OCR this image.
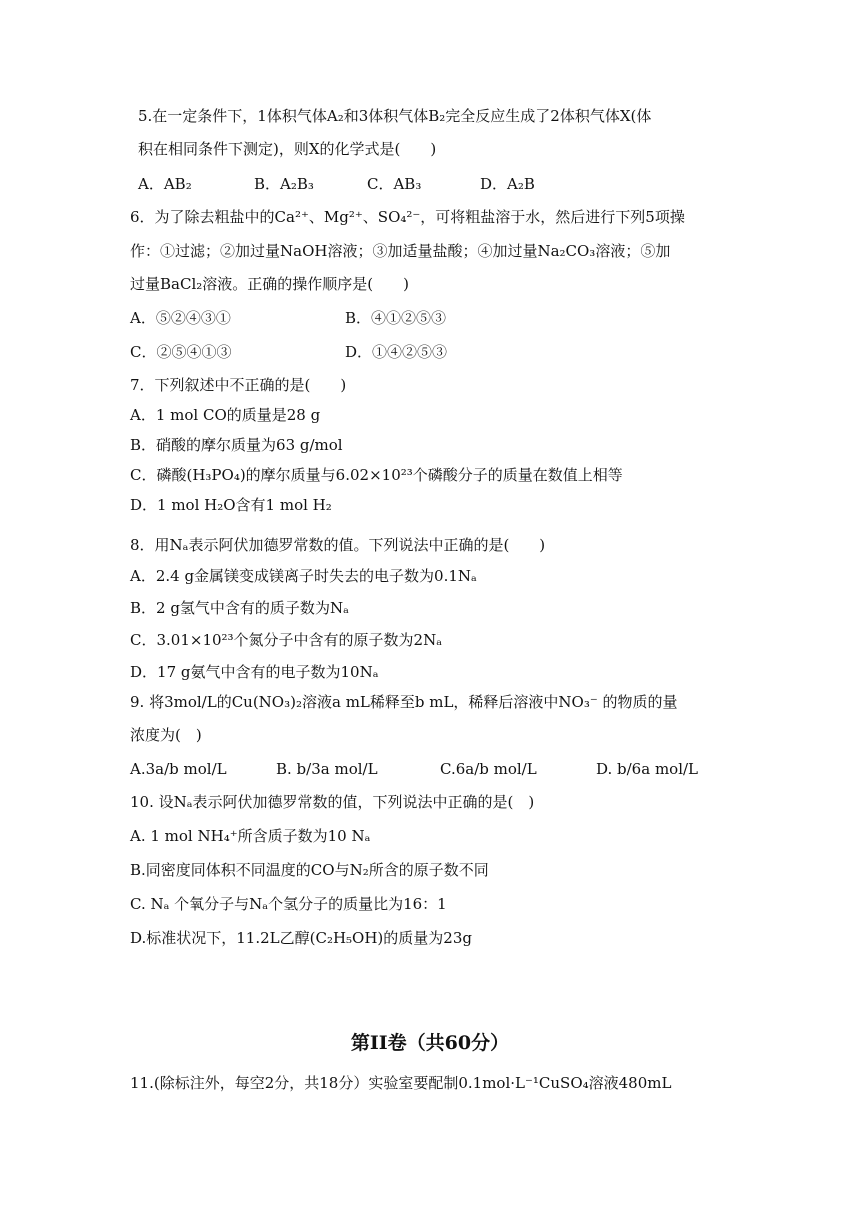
5.在一定条件下，1体积气体A₂和3体积气体B₂完全反应生成了2体积气体X(体
积在相同条件下测定)，则X的化学式是(　　)
A．AB₂	B．A₂B₃	C．AB₃	D．A₂B
6．为了除去粗盐中的Ca²⁺、Mg²⁺、SO₄²⁻，可将粗盐溶于水，然后进行下列5项操
作：①过滤；②加过量NaOH溶液；③加适量盐酸；④加过量Na₂CO₃溶液；⑤加
过量BaCl₂溶液。正确的操作顺序是(　　)
A．⑤②④③①	B．④①②⑤③
C．②⑤④①③	D．①④②⑤③
7．下列叙述中不正确的是(　　)
A．1 mol CO的质量是28 g
B．硝酸的摩尔质量为63 g/mol
C．磷酸(H₃PO₄)的摩尔质量与6.02×10²³个磷酸分子的质量在数值上相等
D．1 mol H₂O含有1 mol H₂
8．用Nₐ表示阿伏加德罗常数的值。下列说法中正确的是(　　)
A．2.4 g金属镁变成镁离子时失去的电子数为0.1Nₐ
B．2 g氢气中含有的质子数为Nₐ
C．3.01×10²³个氮分子中含有的原子数为2Nₐ
D．17 g氨气中含有的电子数为10Nₐ
9. 将3mol/L的Cu(NO₃)₂溶液a mL稀释至b mL，稀释后溶液中NO₃⁻ 的物质的量
浓度为(　)
A.3a/b mol/L	B. b/3a mol/L	C.6a/b mol/L	D. b/6a mol/L
10. 设Nₐ表示阿伏加德罗常数的值，下列说法中正确的是(　)
A. 1 mol NH₄⁺所含质子数为10 Nₐ
B.同密度同体积不同温度的CO与N₂所含的原子数不同
C. Nₐ 个氧分子与Nₐ个氢分子的质量比为16：1
D.标准状况下，11.2L乙醇(C₂H₅OH)的质量为23g
第II卷（共60分）
11.(除标注外，每空2分，共18分）实验室要配制0.1mol·L⁻¹CuSO₄溶液480mL
